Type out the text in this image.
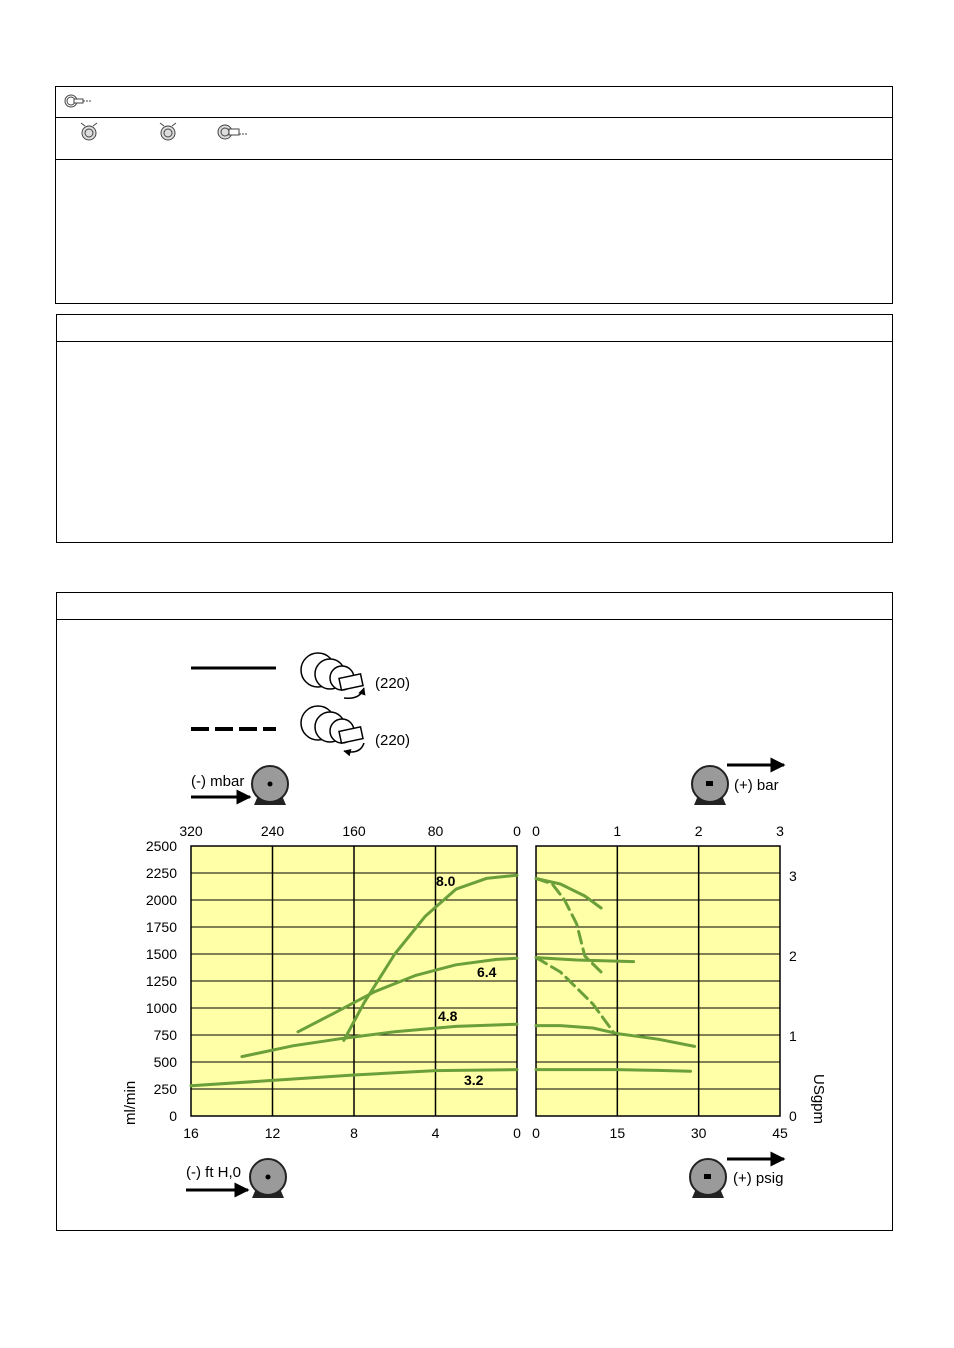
(220)
(220)
(-) mbar	(+) bar
(-) ft H,0	(+) psig
0
250
500
750
1000
1250
1500
1750
2000
2250
2500
320	240	160	80	0
16	12	8	4	0
0	1	2	3
0	15	30	45
0
1
2
3
8.0
6.4
4.8
3.2
ml/min	USgpm
